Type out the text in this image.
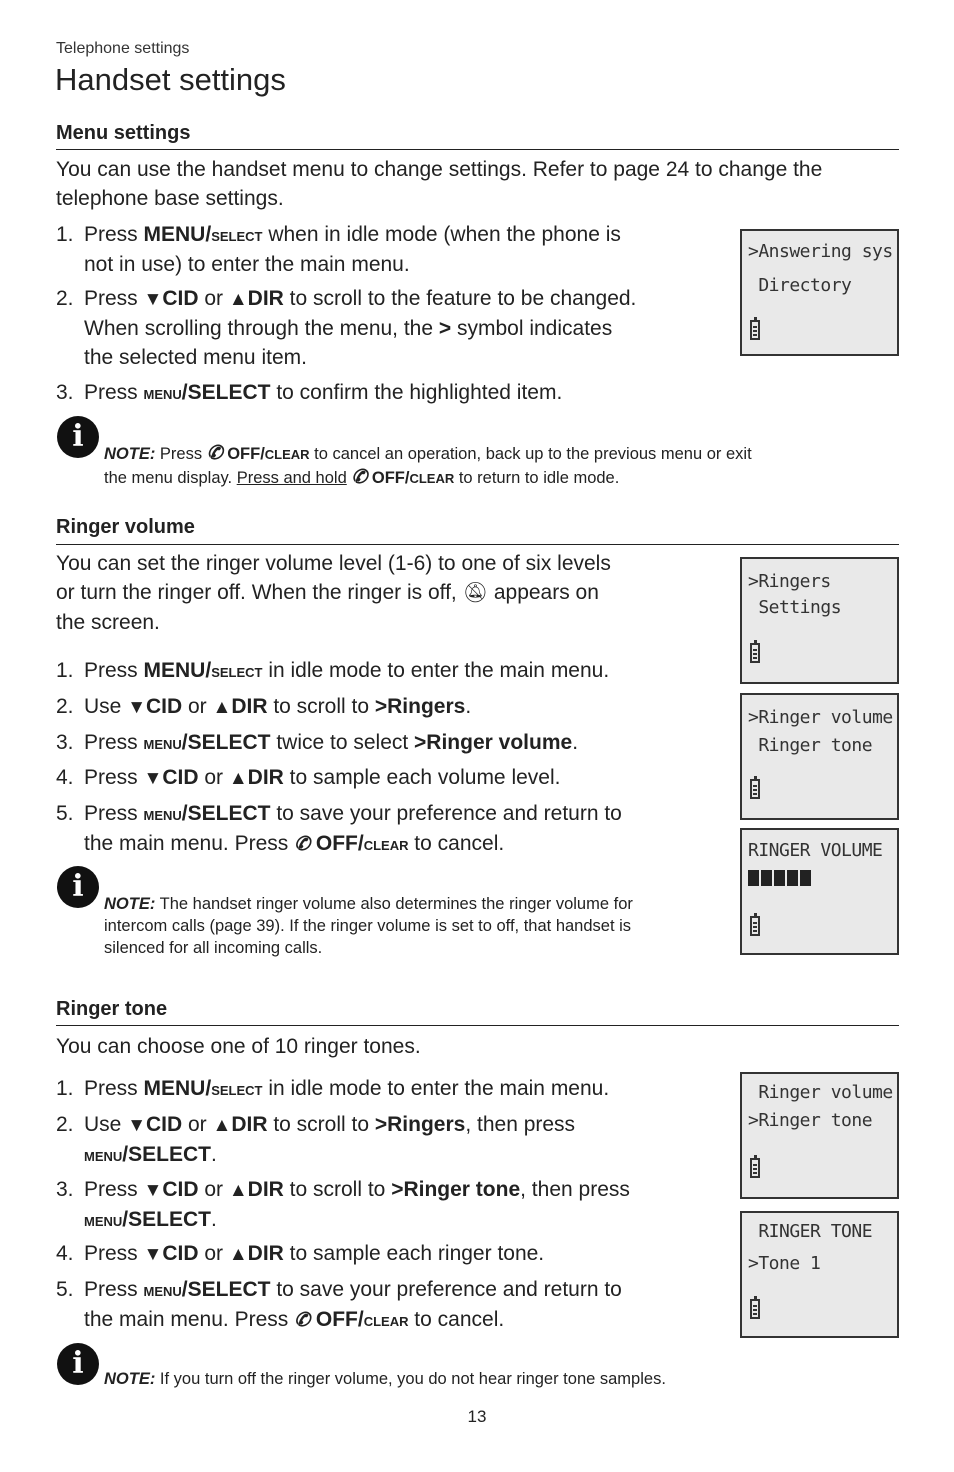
Telephone settings
Handset settings
Menu settings
You can use the handset menu to change settings. Refer to page 24 to change the telephone base settings.
1. Press MENU/select when in idle mode (when the phone is
not in use) to enter the main menu.
2. Press ▼CID or ▲DIR to scroll to the feature to be changed.
When scrolling through the menu, the > symbol indicates
the selected menu item.
3. Press menu/SELECT to confirm the highlighted item.
i
NOTE: Press ✆ OFF/clear to cancel an operation, back up to the previous menu or exit
the menu display. Press and hold ✆ OFF/clear to return to idle mode.
>Answering sys
Directory
Ringer volume
You can set the ringer volume level (1-6) to one of six levels
or turn the ringer off. When the ringer is off, 🔕︎ appears on
the screen.
1. Press MENU/select in idle mode to enter the main menu.
2. Use ▼CID or ▲DIR to scroll to >Ringers.
3. Press menu/SELECT twice to select >Ringer volume.
4. Press ▼CID or ▲DIR to sample each volume level.
5. Press menu/SELECT to save your preference and return to
the main menu. Press ✆ OFF/clear to cancel.
i
NOTE: The handset ringer volume also determines the ringer volume for
intercom calls (page 39). If the ringer volume is set to off, that handset is
silenced for all incoming calls.
>Ringers
Settings
>Ringer volume
Ringer tone
RINGER VOLUME
Ringer tone
You can choose one of 10 ringer tones.
1. Press MENU/select in idle mode to enter the main menu.
2. Use ▼CID or ▲DIR to scroll to >Ringers, then press
menu/SELECT.
3. Press ▼CID or ▲DIR to scroll to >Ringer tone, then press
menu/SELECT.
4. Press ▼CID or ▲DIR to sample each ringer tone.
5. Press menu/SELECT to save your preference and return to
the main menu. Press ✆ OFF/clear to cancel.
i
NOTE: If you turn off the ringer volume, you do not hear ringer tone samples.
Ringer volume
>Ringer tone
RINGER TONE
>Tone 1
13
